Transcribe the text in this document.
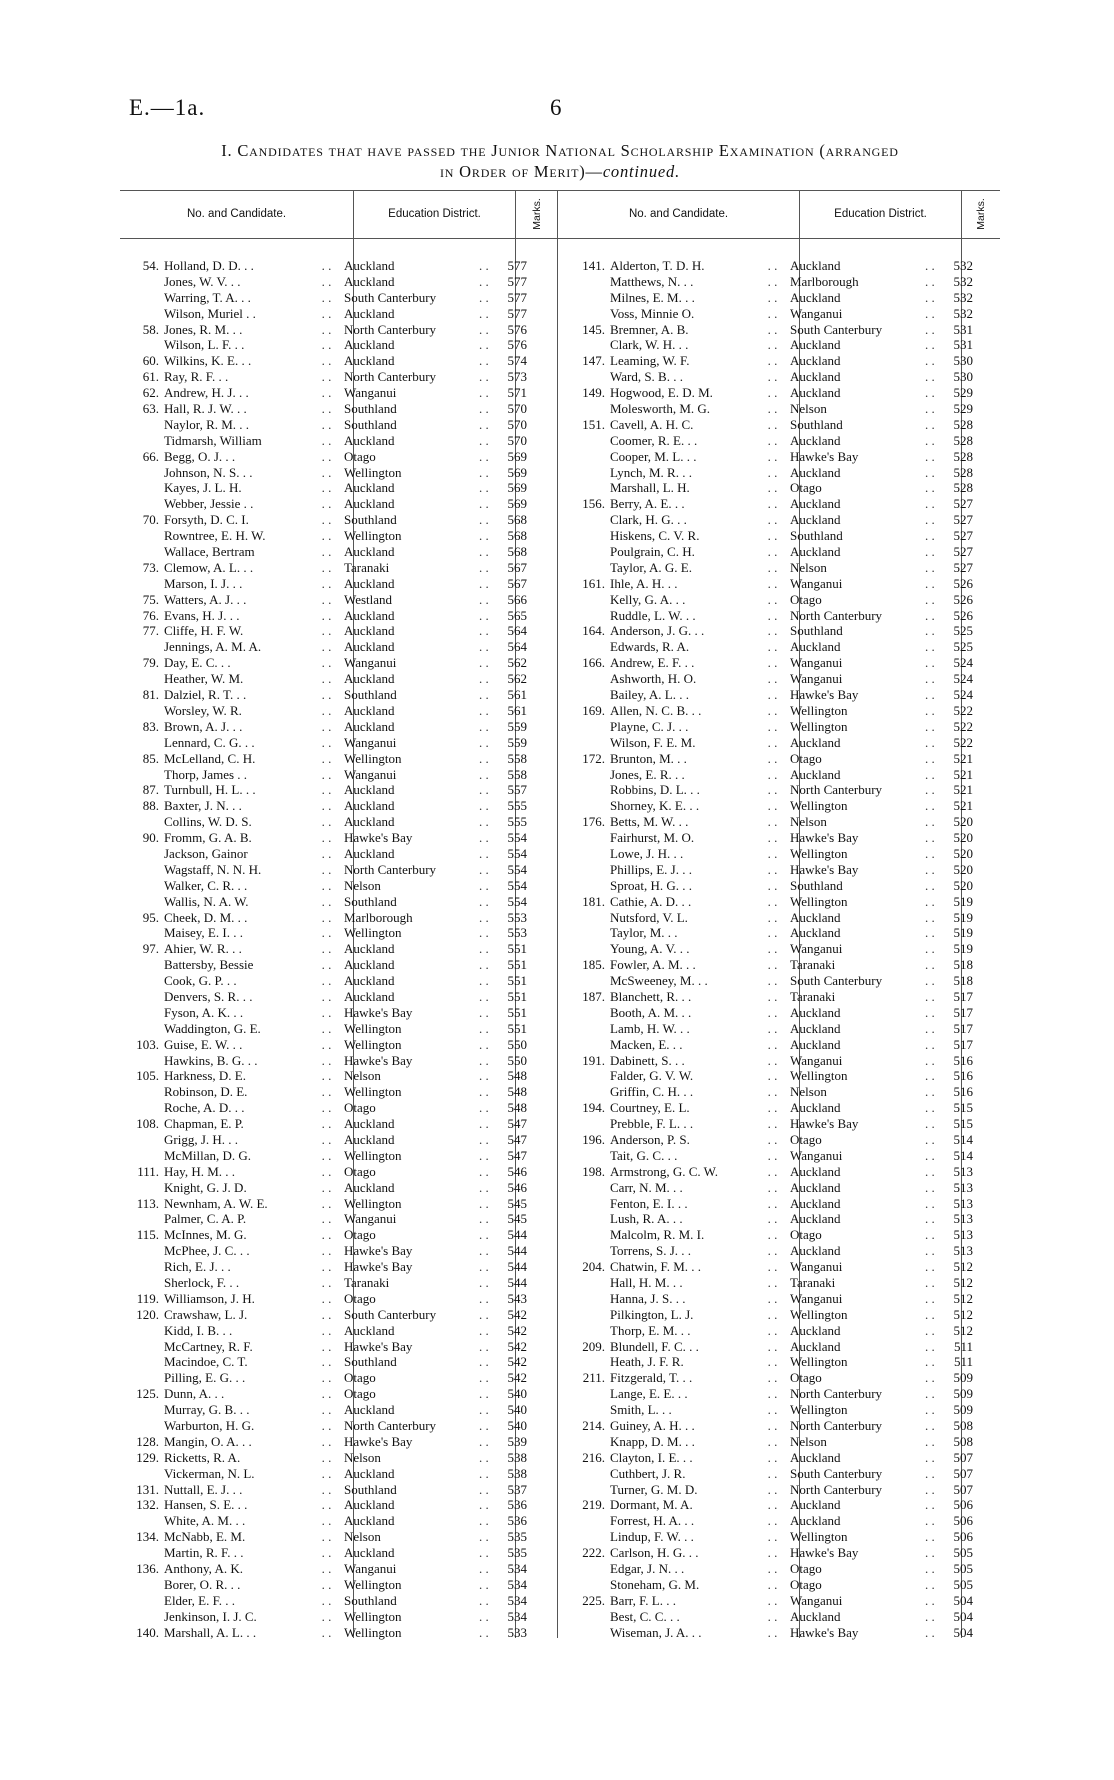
E.—1a.	6
I. Candidates that have passed the Junior National Scholarship Examination (arranged
in Order of Merit)—continued.
No. and Candidate.	Education District.	Marks.	No. and Candidate.	Education District.	Marks.
54. Holland, D. D. . .	. . Auckland	. .	577
Jones, W. V. . .	. . Auckland	. .	577
Warring, T. A. . .	. . South Canterbury	. .	577
Wilson, Muriel . .	. . Auckland	. .	577
58. Jones, R. M. . .	. . North Canterbury	. .	576
Wilson, L. F. . .	. . Auckland	. .	576
60. Wilkins, K. E. . .	. . Auckland	. .	574
61. Ray, R. F. . .	. . North Canterbury	. .	573
62. Andrew, H. J. . .	. . Wanganui	. .	571
63. Hall, R. J. W. . .	. . Southland	. .	570
Naylor, R. M. . .	. . Southland	. .	570
Tidmarsh, William	. . Auckland	. .	570
66. Begg, O. J. . .	. . Otago	. .	569
Johnson, N. S. . .	. . Wellington	. .	569
Kayes, J. L. H.	. . Auckland	. .	569
Webber, Jessie . .	. . Auckland	. .	569
70. Forsyth, D. C. I.	. . Southland	. .	568
Rowntree, E. H. W.	. . Wellington	. .	568
Wallace, Bertram	. . Auckland	. .	568
73. Clemow, A. L. . .	. . Taranaki	. .	567
Marson, I. J. . .	. . Auckland	. .	567
75. Watters, A. J. . .	. . Westland	. .	566
76. Evans, H. J. . .	. . Auckland	. .	565
77. Cliffe, H. F. W.	. . Auckland	. .	564
Jennings, A. M. A.	. . Auckland	. .	564
79. Day, E. C. . .	. . Wanganui	. .	562
Heather, W. M.	. . Auckland	. .	562
81. Dalziel, R. T. . .	. . Southland	. .	561
Worsley, W. R.	. . Auckland	. .	561
83. Brown, A. J. . .	. . Auckland	. .	559
Lennard, C. G. . .	. . Wanganui	. .	559
85. McLelland, C. H.	. . Wellington	. .	558
Thorp, James . .	. . Wanganui	. .	558
87. Turnbull, H. L. . .	. . Auckland	. .	557
88. Baxter, J. N. . .	. . Auckland	. .	555
Collins, W. D. S.	. . Auckland	. .	555
90. Fromm, G. A. B.	. . Hawke's Bay	. .	554
Jackson, Gainor	. . Auckland	. .	554
Wagstaff, N. N. H.	. . North Canterbury	. .	554
Walker, C. R. . .	. . Nelson	. .	554
Wallis, N. A. W.	. . Southland	. .	554
95. Cheek, D. M. . .	. . Marlborough	. .	553
Maisey, E. I. . .	. . Wellington	. .	553
97. Ahier, W. R. . .	. . Auckland	. .	551
Battersby, Bessie	. . Auckland	. .	551
Cook, G. P. . .	. . Auckland	. .	551
Denvers, S. R. . .	. . Auckland	. .	551
Fyson, A. K. . .	. . Hawke's Bay	. .	551
Waddington, G. E.	. . Wellington	. .	551
103. Guise, E. W. . .	. . Wellington	. .	550
Hawkins, B. G. . .	. . Hawke's Bay	. .	550
105. Harkness, D. E.	. . Nelson	. .	548
Robinson, D. E.	. . Wellington	. .	548
Roche, A. D. . .	. . Otago	. .	548
108. Chapman, E. P.	. . Auckland	. .	547
Grigg, J. H. . .	. . Auckland	. .	547
McMillan, D. G.	. . Wellington	. .	547
111. Hay, H. M. . .	. . Otago	. .	546
Knight, G. J. D.	. . Auckland	. .	546
113. Newnham, A. W. E.	. . Wellington	. .	545
Palmer, C. A. P.	. . Wanganui	. .	545
115. McInnes, M. G.	. . Otago	. .	544
McPhee, J. C. . .	. . Hawke's Bay	. .	544
Rich, E. J. . .	. . Hawke's Bay	. .	544
Sherlock, F. . .	. . Taranaki	. .	544
119. Williamson, J. H.	. . Otago	. .	543
120. Crawshaw, L. J.	. . South Canterbury	. .	542
Kidd, I. B. . .	. . Auckland	. .	542
McCartney, R. F.	. . Hawke's Bay	. .	542
Macindoe, C. T.	. . Southland	. .	542
Pilling, E. G. . .	. . Otago	. .	542
125. Dunn, A. . .	. . Otago	. .	540
Murray, G. B. . .	. . Auckland	. .	540
Warburton, H. G.	. . North Canterbury	. .	540
128. Mangin, O. A. . .	. . Hawke's Bay	. .	539
129. Ricketts, R. A.	. . Nelson	. .	538
Vickerman, N. L.	. . Auckland	. .	538
131. Nuttall, E. J. . .	. . Southland	. .	537
132. Hansen, S. E. . .	. . Auckland	. .	536
White, A. M. . .	. . Auckland	. .	536
134. McNabb, E. M.	. . Nelson	. .	535
Martin, R. F. . .	. . Auckland	. .	535
136. Anthony, A. K.	. . Wanganui	. .	534
Borer, O. R. . .	. . Wellington	. .	534
Elder, E. F. . .	. . Southland	. .	534
Jenkinson, I. J. C.	. . Wellington	. .	534
140. Marshall, A. L. . .	. . Wellington	. .	533
141. Alderton, T. D. H.	. . Auckland	. .	532
Matthews, N. . .	. . Marlborough	. .	532
Milnes, E. M. . .	. . Auckland	. .	532
Voss, Minnie O.	. . Wanganui	. .	532
145. Bremner, A. B.	. . South Canterbury	. .	531
Clark, W. H. . .	. . Auckland	. .	531
147. Leaming, W. F.	. . Auckland	. .	530
Ward, S. B. . .	. . Auckland	. .	530
149. Hogwood, E. D. M.	. . Auckland	. .	529
Molesworth, M. G.	. . Nelson	. .	529
151. Cavell, A. H. C.	. . Southland	. .	528
Coomer, R. E. . .	. . Auckland	. .	528
Cooper, M. L. . .	. . Hawke's Bay	. .	528
Lynch, M. R. . .	. . Auckland	. .	528
Marshall, L. H.	. . Otago	. .	528
156. Berry, A. E. . .	. . Auckland	. .	527
Clark, H. G. . .	. . Auckland	. .	527
Hiskens, C. V. R.	. . Southland	. .	527
Poulgrain, C. H.	. . Auckland	. .	527
Taylor, A. G. E.	. . Nelson	. .	527
161. Ihle, A. H. . .	. . Wanganui	. .	526
Kelly, G. A. . .	. . Otago	. .	526
Ruddle, L. W. . .	. . North Canterbury	. .	526
164. Anderson, J. G. . .	. . Southland	. .	525
Edwards, R. A.	. . Auckland	. .	525
166. Andrew, E. F. . .	. . Wanganui	. .	524
Ashworth, H. O.	. . Wanganui	. .	524
Bailey, A. L. . .	. . Hawke's Bay	. .	524
169. Allen, N. C. B. . .	. . Wellington	. .	522
Playne, C. J. . .	. . Wellington	. .	522
Wilson, F. E. M.	. . Auckland	. .	522
172. Brunton, M. . .	. . Otago	. .	521
Jones, E. R. . .	. . Auckland	. .	521
Robbins, D. L. . .	. . North Canterbury	. .	521
Shorney, K. E. . .	. . Wellington	. .	521
176. Betts, M. W. . .	. . Nelson	. .	520
Fairhurst, M. O.	. . Hawke's Bay	. .	520
Lowe, J. H. . .	. . Wellington	. .	520
Phillips, E. J. . .	. . Hawke's Bay	. .	520
Sproat, H. G. . .	. . Southland	. .	520
181. Cathie, A. D. . .	. . Wellington	. .	519
Nutsford, V. L.	. . Auckland	. .	519
Taylor, M. . .	. . Auckland	. .	519
Young, A. V. . .	. . Wanganui	. .	519
185. Fowler, A. M. . .	. . Taranaki	. .	518
McSweeney, M. . .	. . South Canterbury	. .	518
187. Blanchett, R. . .	. . Taranaki	. .	517
Booth, A. M. . .	. . Auckland	. .	517
Lamb, H. W. . .	. . Auckland	. .	517
Macken, E. . .	. . Auckland	. .	517
191. Dabinett, S. . .	. . Wanganui	. .	516
Falder, G. V. W.	. . Wellington	. .	516
Griffin, C. H. . .	. . Nelson	. .	516
194. Courtney, E. L.	. . Auckland	. .	515
Prebble, F. L. . .	. . Hawke's Bay	. .	515
196. Anderson, P. S.	. . Otago	. .	514
Tait, G. C. . .	. . Wanganui	. .	514
198. Armstrong, G. C. W.	. . Auckland	. .	513
Carr, N. M. . .	. . Auckland	. .	513
Fenton, E. I. . .	. . Auckland	. .	513
Lush, R. A. . .	. . Auckland	. .	513
Malcolm, R. M. I.	. . Otago	. .	513
Torrens, S. J. . .	. . Auckland	. .	513
204. Chatwin, F. M. . .	. . Wanganui	. .	512
Hall, H. M. . .	. . Taranaki	. .	512
Hanna, J. S. . .	. . Wanganui	. .	512
Pilkington, L. J.	. . Wellington	. .	512
Thorp, E. M. . .	. . Auckland	. .	512
209. Blundell, F. C. . .	. . Auckland	. .	511
Heath, J. F. R.	. . Wellington	. .	511
211. Fitzgerald, T. . .	. . Otago	. .	509
Lange, E. E. . .	. . North Canterbury	. .	509
Smith, L. . .	. . Wellington	. .	509
214. Guiney, A. H. . .	. . North Canterbury	. .	508
Knapp, D. M. . .	. . Nelson	. .	508
216. Clayton, I. E. . .	. . Auckland	. .	507
Cuthbert, J. R.	. . South Canterbury	. .	507
Turner, G. M. D.	. . North Canterbury	. .	507
219. Dormant, M. A.	. . Auckland	. .	506
Forrest, H. A. . .	. . Auckland	. .	506
Lindup, F. W. . .	. . Wellington	. .	506
222. Carlson, H. G. . .	. . Hawke's Bay	. .	505
Edgar, J. N. . .	. . Otago	. .	505
Stoneham, G. M.	. . Otago	. .	505
225. Barr, F. L. . .	. . Wanganui	. .	504
Best, C. C. . .	. . Auckland	. .	504
Wiseman, J. A. . .	. . Hawke's Bay	. .	504
